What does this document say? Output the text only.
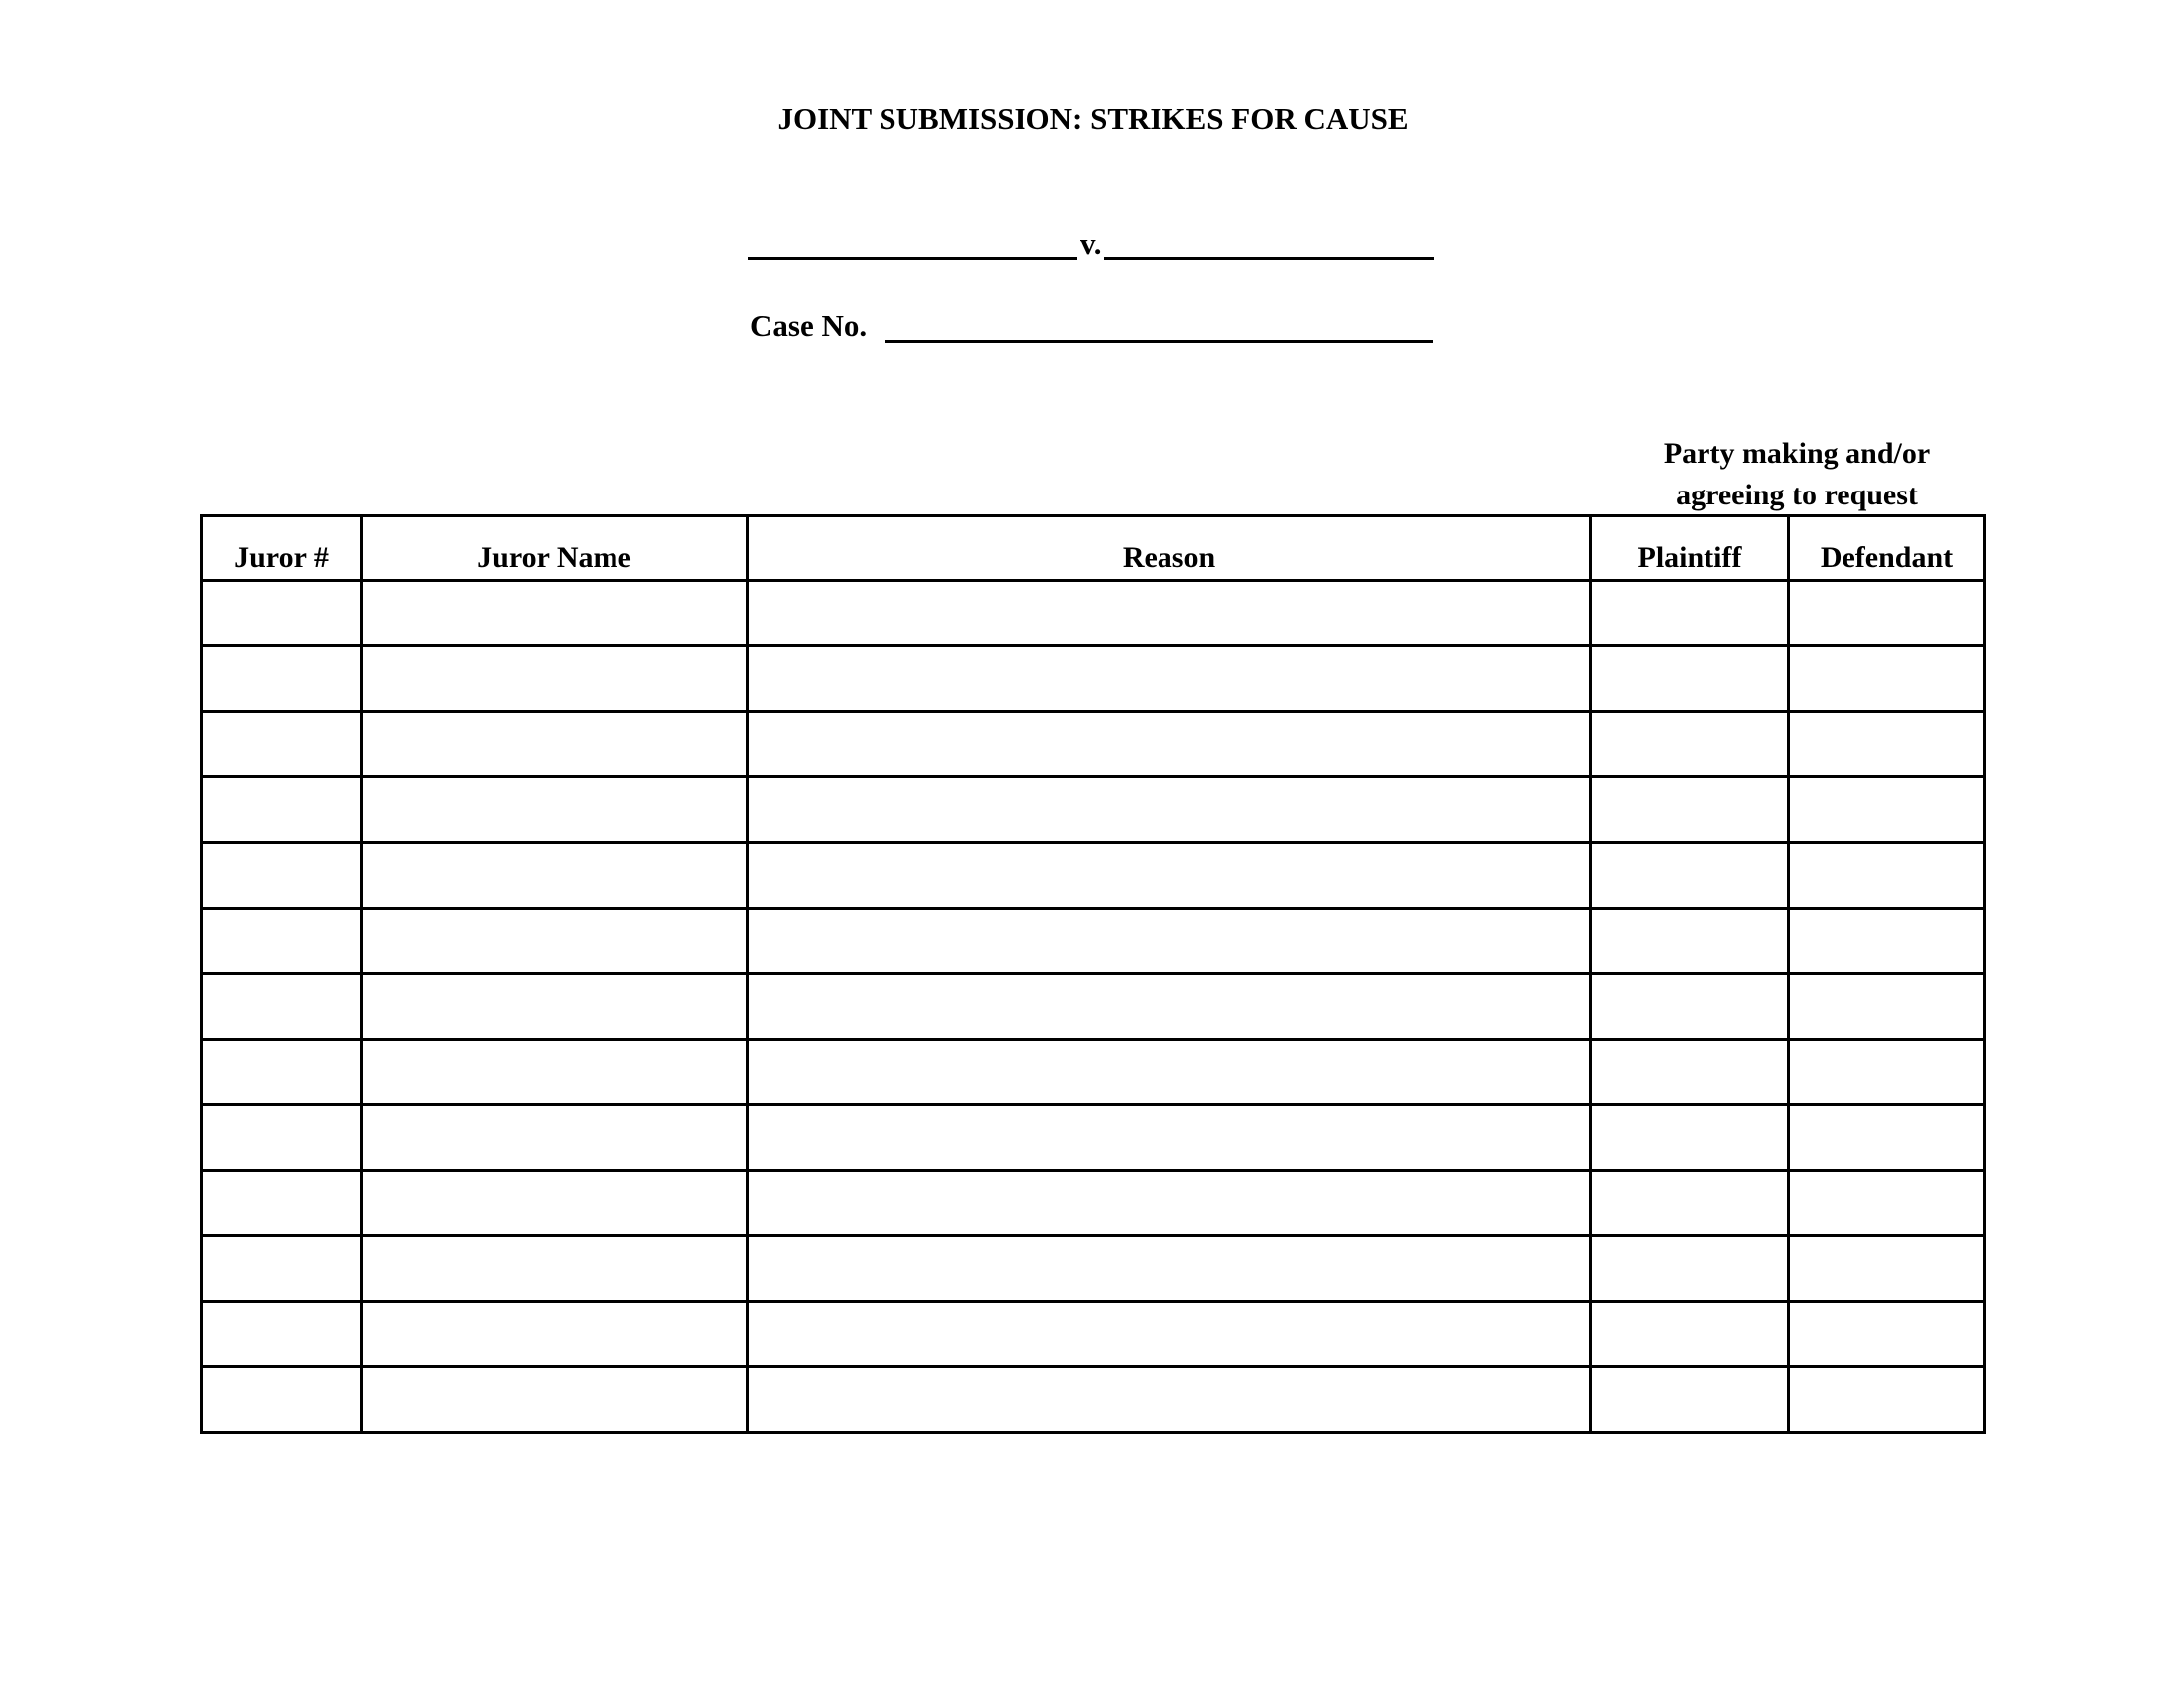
JOINT SUBMISSION: STRIKES FOR CAUSE
v.
Case No.
Party making and/or
agreeing to request
Juror #	Juror Name	Reason	Plaintiff	Defendant
